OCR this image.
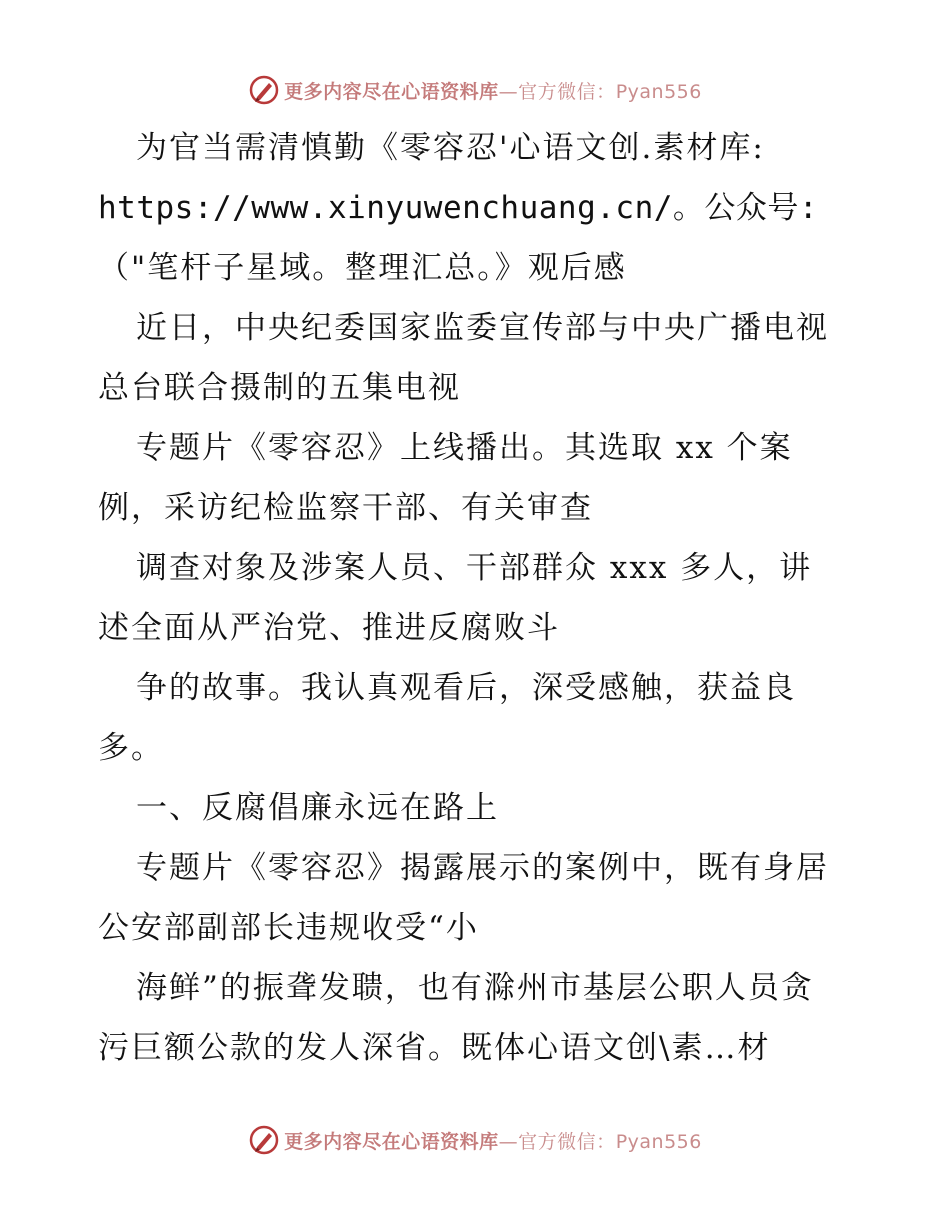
更多内容尽在心语资料库—官方微信：Pyan556
为官当需清慎勤《零容忍'心语文创.素材库:
https://www.xinyuwenchuang.cn/。公众号:
（"笔杆子星域。整理汇总。》观后感
近日，中央纪委国家监委宣传部与中央广播电视
总台联合摄制的五集电视
专题片《零容忍》上线播出。其选取 xx 个案
例，采访纪检监察干部、有关审查
调查对象及涉案人员、干部群众 xxx 多人，讲
述全面从严治党、推进反腐败斗
争的故事。我认真观看后，深受感触，获益良
多。
一、反腐倡廉永远在路上
专题片《零容忍》揭露展示的案例中，既有身居
公安部副部长违规收受“小
海鲜”的振聋发聩，也有滁州市基层公职人员贪
污巨额公款的发人深省。既体心语文创\素…材
更多内容尽在心语资料库—官方微信：Pyan556
